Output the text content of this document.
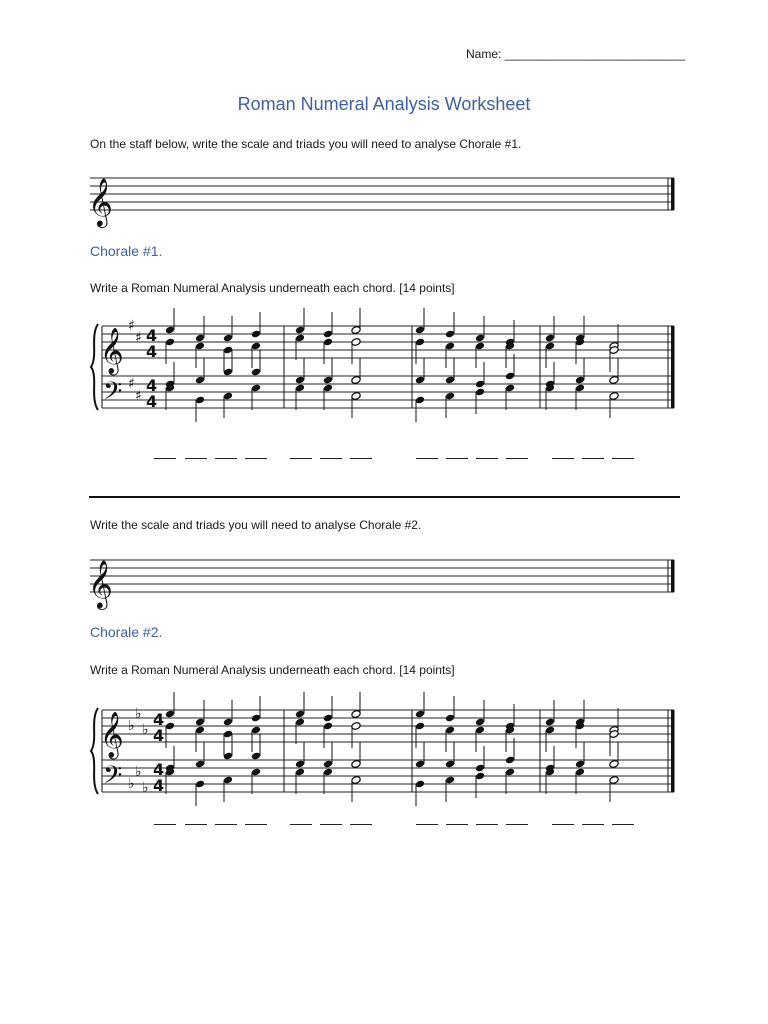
Name: ___________________________
Roman Numeral Analysis Worksheet
On the staff below, write the scale and triads you will need to analyse Chorale #1.
𝄞
Chorale #1.
Write a Roman Numeral Analysis underneath each chord. [14 points]
𝄞
𝄢
♯
♯
♯
♯
4
4
4
4
Write the scale and triads you will need to analyse Chorale #2.
𝄞
Chorale #2.
Write a Roman Numeral Analysis underneath each chord. [14 points]
𝄞
𝄢
♭
♭
♭
♭
♭
♭
4
4
4
4
